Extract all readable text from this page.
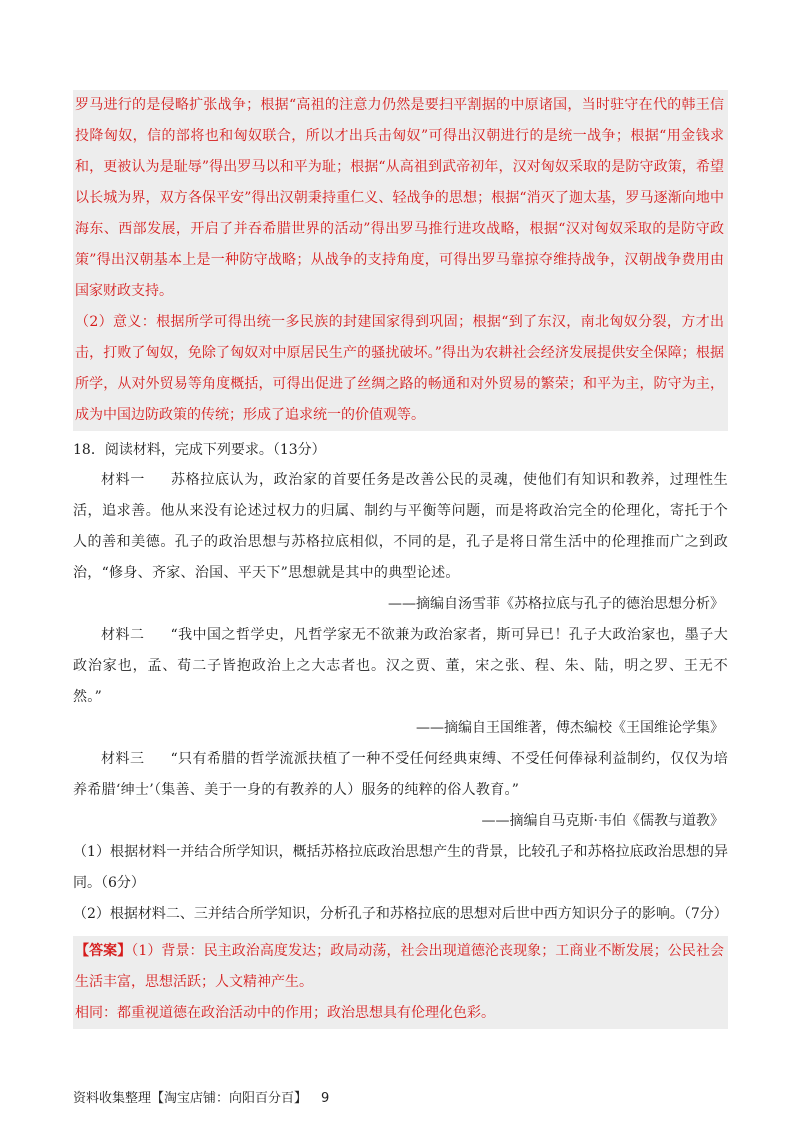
罗马进行的是侵略扩张战争；根据“高祖的注意力仍然是要扫平割据的中原诸国，当时驻守在代的韩王信投降匈奴，信的部将也和匈奴联合，所以才出兵击匈奴”可得出汉朝进行的是统一战争；根据“用金钱求和，更被认为是耻辱”得出罗马以和平为耻；根据“从高祖到武帝初年，汉对匈奴采取的是防守政策，希望以长城为界，双方各保平安”得出汉朝秉持重仁义、轻战争的思想；根据“消灭了迦太基，罗马逐渐向地中海东、西部发展，开启了并吞希腊世界的活动”得出罗马推行进攻战略，根据“汉对匈奴采取的是防守政策”得出汉朝基本上是一种防守战略；从战争的支持角度，可得出罗马靠掠夺维持战争，汉朝战争费用由国家财政支持。

（2）意义：根据所学可得出统一多民族的封建国家得到巩固；根据“到了东汉，南北匈奴分裂，方才出击，打败了匈奴，免除了匈奴对中原居民生产的骚扰破坏。”得出为农耕社会经济发展提供安全保障；根据所学，从对外贸易等角度概括，可得出促进了丝绸之路的畅通和对外贸易的繁荣；和平为主，防守为主，成为中国边防政策的传统；形成了追求统一的价值观等。

18．阅读材料，完成下列要求。（13分）

材料一 苏格拉底认为，政治家的首要任务是改善公民的灵魂，使他们有知识和教养，过理性生活，追求善。他从来没有论述过权力的归属、制约与平衡等问题，而是将政治完全的伦理化，寄托于个人的善和美德。孔子的政治思想与苏格拉底相似，不同的是，孔子是将日常生活中的伦理推而广之到政治，“修身、齐家、治国、平天下”思想就是其中的典型论述。

——摘编自汤雪菲《苏格拉底与孔子的德治思想分析》

材料二 “我中国之哲学史，凡哲学家无不欲兼为政治家者，斯可异已！孔子大政治家也，墨子大政治家也，孟、荀二子皆抱政治上之大志者也。汉之贾、董，宋之张、程、朱、陆，明之罗、王无不然。”

——摘编自王国维著，傅杰编校《王国维论学集》

材料三 “只有希腊的哲学流派扶植了一种不受任何经典束缚、不受任何俸禄利益制约，仅仅为培养希腊‘绅士’（集善、美于一身的有教养的人）服务的纯粹的俗人教育。”

——摘编自马克斯·韦伯《儒教与道教》

（1）根据材料一并结合所学知识，概括苏格拉底政治思想产生的背景，比较孔子和苏格拉底政治思想的异同。（6分）

（2）根据材料二、三并结合所学知识，分析孔子和苏格拉底的思想对后世中西方知识分子的影响。（7分）

【答案】（1）背景：民主政治高度发达；政局动荡，社会出现道德沦丧现象；工商业不断发展；公民社会生活丰富，思想活跃；人文精神产生。

相同：都重视道德在政治活动中的作用；政治思想具有伦理化色彩。

资料收集整理【淘宝店铺：向阳百分百】 9
